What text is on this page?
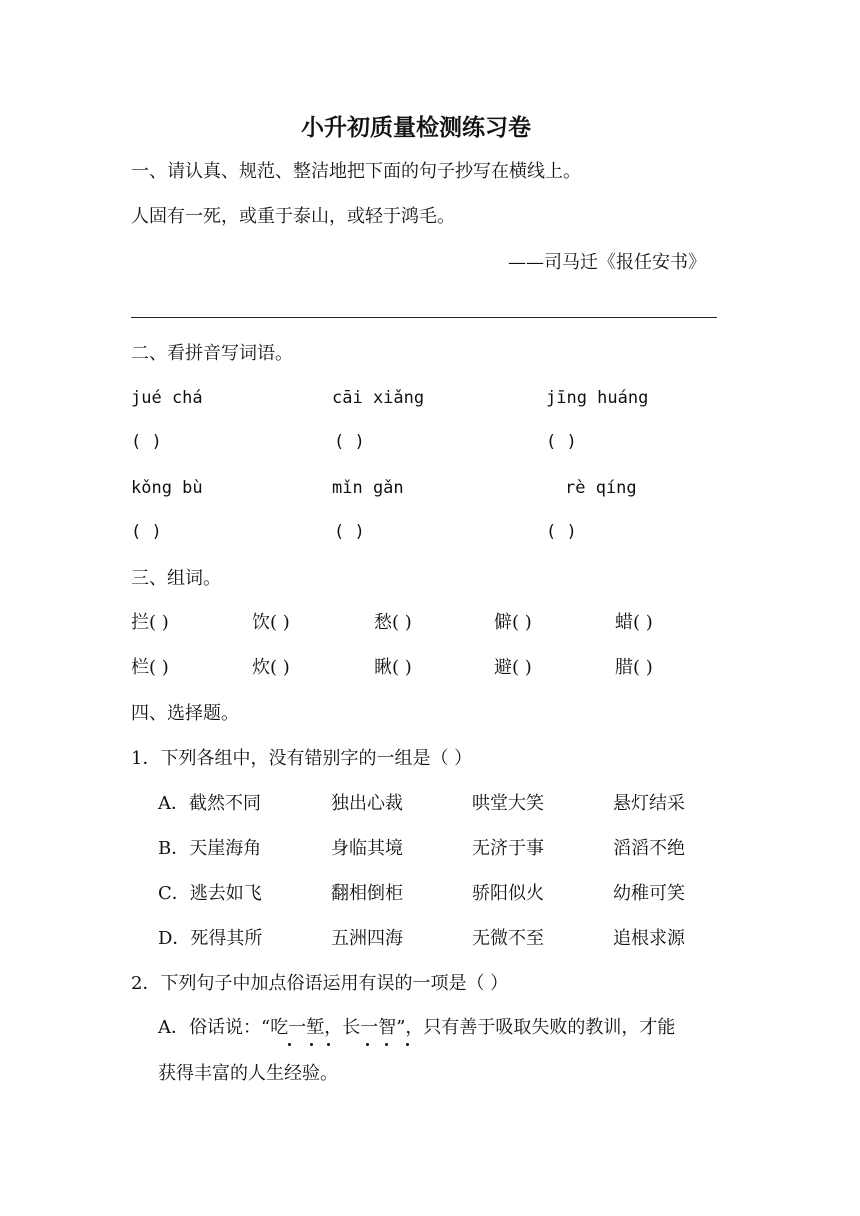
小升初质量检测练习卷
一、请认真、规范、整洁地把下面的句子抄写在横线上。
人固有一死，或重于泰山，或轻于鸿毛。
——司马迁《报任安书》
二、看拼音写词语。
jué chá	cāi xiǎng	jīng huáng
( )	( )	( )
kǒng bù	mǐn gǎn	rè qíng
( )	( )	( )
三、组词。
拦( )	饮( )	愁( )	僻( )	蜡( )
栏( )	炊( )	瞅( )	避( )	腊( )
四、选择题。
1．下列各组中，没有错别字的一组是（ ）
A．截然不同	独出心裁	哄堂大笑	悬灯结采
B．天崖海角	身临其境	无济于事	滔滔不绝
C．逃去如飞	翻相倒柜	骄阳似火	幼稚可笑
D．死得其所	五洲四海	无微不至	追根求源
2．下列句子中加点俗语运用有误的一项是（ ）
A．俗话说：“吃一堑，长一智”，只有善于吸取失败的教训，才能
获得丰富的人生经验。
